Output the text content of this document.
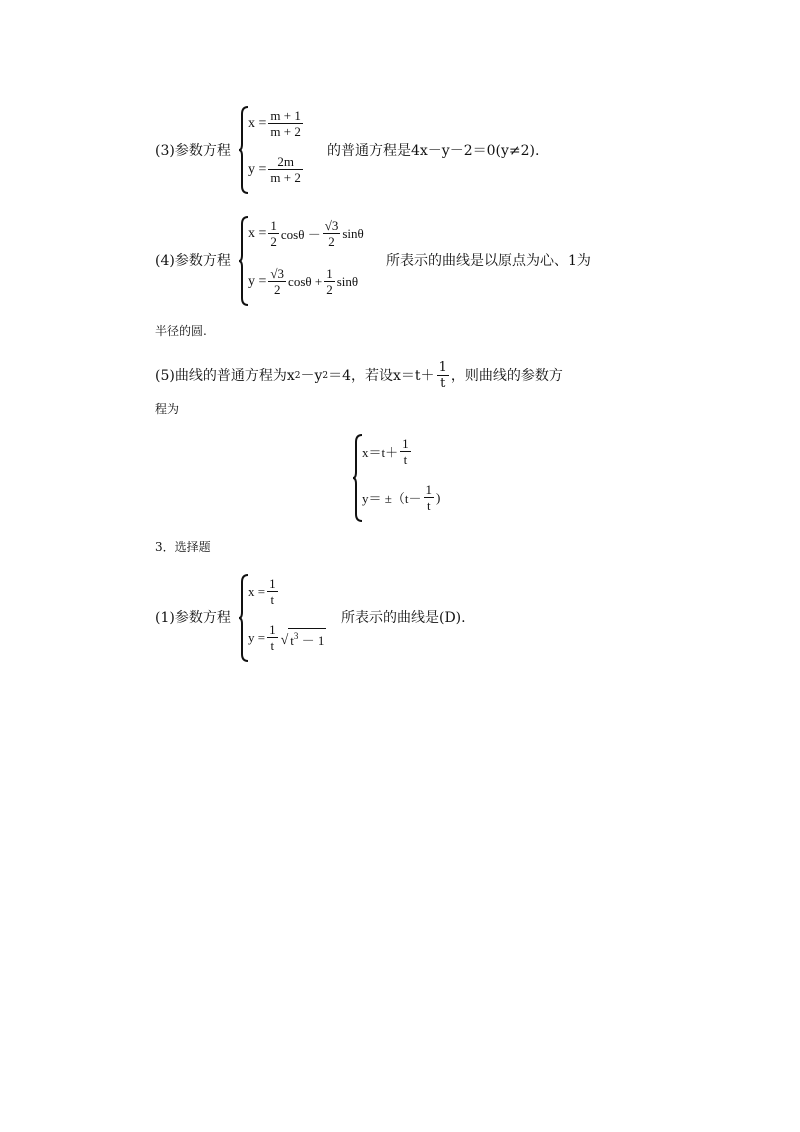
(3)参数方程
$x = \frac{m + 1}{m + 2}$
$y = \frac{2m}{m + 2}$
的普通方程是4x－y－2＝0(y≠2).
(4)参数方程
$x = \frac{1}{2}$ $\cos\theta - \frac{√3}{2}$ sinθ
$y = \frac{√3}{2}$ $\cos\theta + \frac{1}{2}$ sinθ
所表示的曲线是以原点为心、1为
半径的圆.
(5)曲线的普通方程为x 2 －y 2 ＝4，若设$x=t+ \frac{1}{t}$ ，则曲线的参数方
程为
$x=t+ \frac{1}{t}$
$y= \pm(t- \frac{1}{t}$ )
3．选择题
(1)参数方程
$x = \frac{1}{t}$
$y = \frac{1}{t}$ √ $t^3 - 1$
所表示的曲线是(D).
